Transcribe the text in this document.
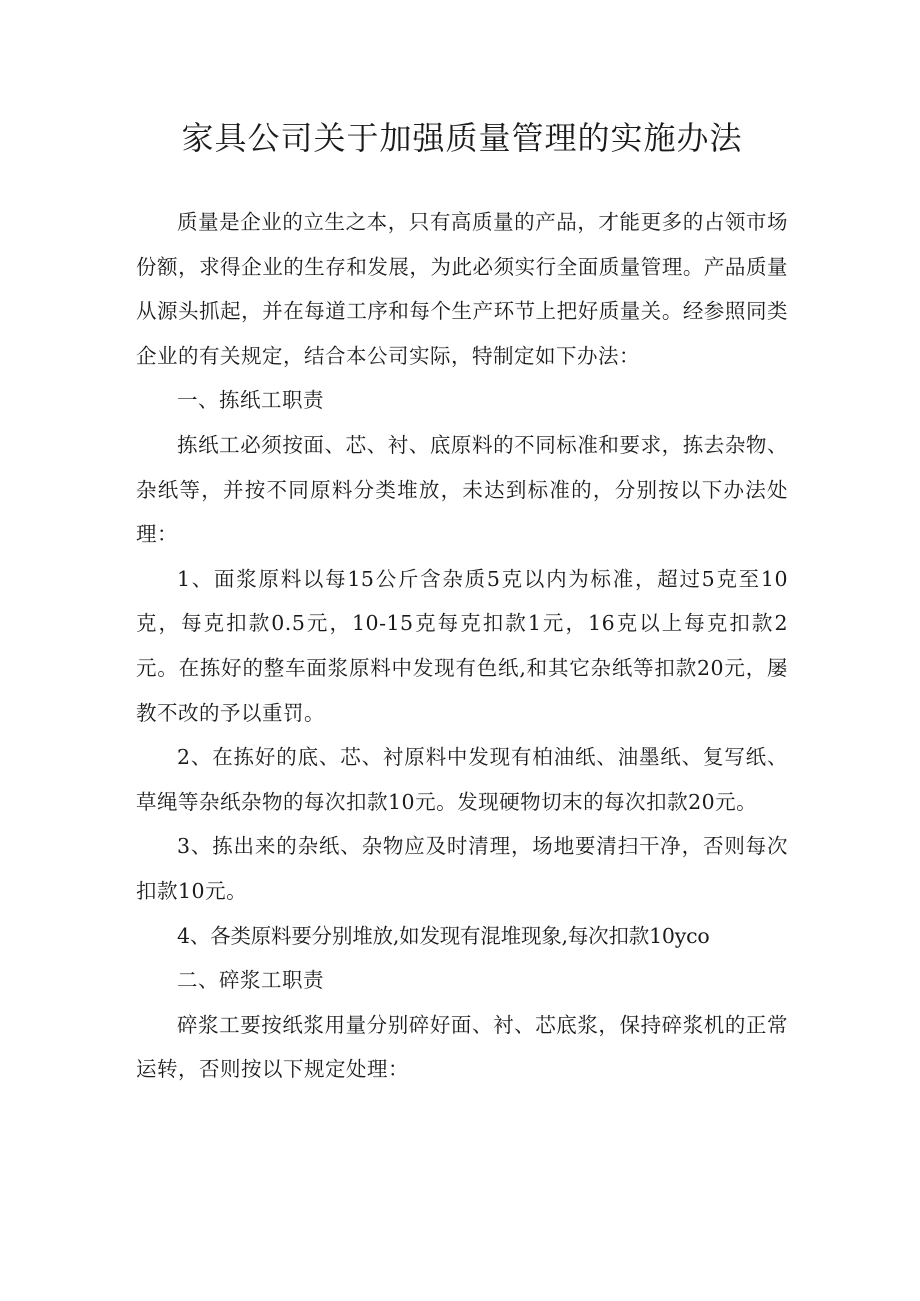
家具公司关于加强质量管理的实施办法

质量是企业的立生之本，只有高质量的产品，才能更多的占领市场份额，求得企业的生存和发展，为此必须实行全面质量管理。产品质量从源头抓起，并在每道工序和每个生产环节上把好质量关。经参照同类企业的有关规定，结合本公司实际，特制定如下办法：

一、拣纸工职责

拣纸工必须按面、芯、衬、底原料的不同标准和要求，拣去杂物、杂纸等，并按不同原料分类堆放，未达到标准的，分别按以下办法处理：

1、面浆原料以每15公斤含杂质5克以内为标准，超过5克至10克，每克扣款0.5元，10-15克每克扣款1元，16克以上每克扣款2元。在拣好的整车面浆原料中发现有色纸,和其它杂纸等扣款20元，屡教不改的予以重罚。

2、在拣好的底、芯、衬原料中发现有柏油纸、油墨纸、复写纸、草绳等杂纸杂物的每次扣款10元。发现硬物切末的每次扣款20元。

3、拣出来的杂纸、杂物应及时清理，场地要清扫干净，否则每次扣款10元。

4、各类原料要分别堆放,如发现有混堆现象,每次扣款10yco

二、碎浆工职责

碎浆工要按纸浆用量分别碎好面、衬、芯底浆，保持碎浆机的正常运转，否则按以下规定处理：
